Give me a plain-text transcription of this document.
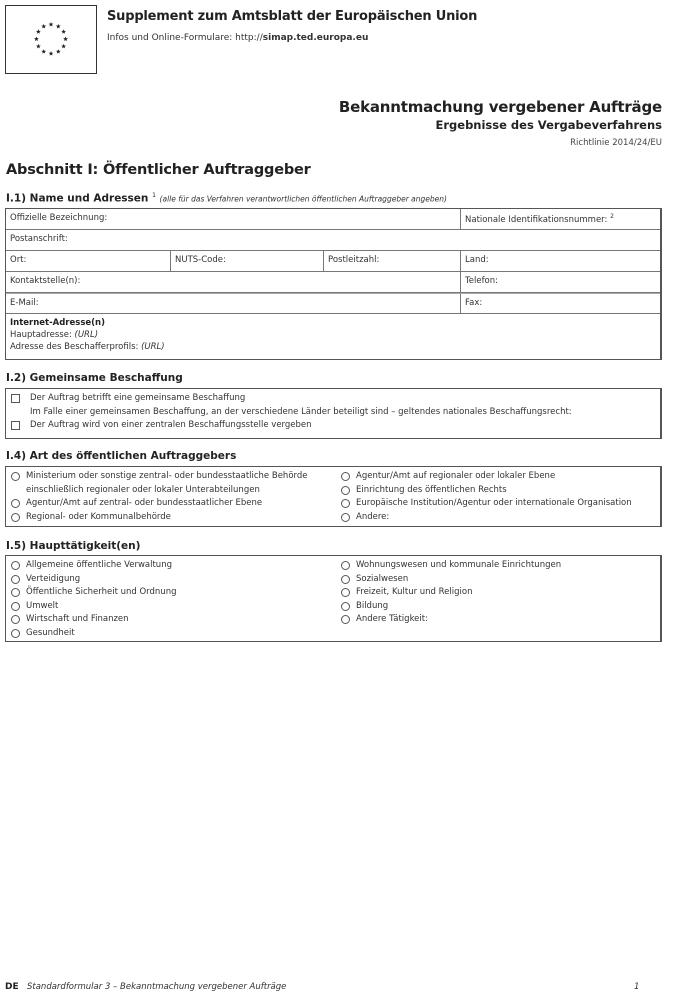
Supplement zum Amtsblatt der Europäischen Union
Infos und Online-Formulare: http://simap.ted.europa.eu
Bekanntmachung vergebener Aufträge
Ergebnisse des Vergabeverfahrens
Richtlinie 2014/24/EU
Abschnitt I: Öffentlicher Auftraggeber
I.1) Name und Adressen $^1$ (alle für das Verfahren verantwortlichen öffentlichen Auftraggeber angeben)
Offizielle Bezeichnung:	Nationale Identifikationsnummer: $^2$
Postanschrift:
Ort:	NUTS-Code:	Postleitzahl:	Land:
Kontaktstelle(n):	Telefon:
E-Mail:	Fax:
Internet-Adresse(n)
Hauptadresse: (URL)
Adresse des Beschafferprofils: (URL)
I.2) Gemeinsame Beschaffung
Der Auftrag betrifft eine gemeinsame Beschaffung
Im Falle einer gemeinsamen Beschaffung, an der verschiedene Länder beteiligt sind – geltendes nationales Beschaffungsrecht:
Der Auftrag wird von einer zentralen Beschaffungsstelle vergeben
I.4) Art des öffentlichen Auftraggebers
Ministerium oder sonstige zentral- oder bundesstaatliche Behörde
einschließlich regionaler oder lokaler Unterabteilungen
Agentur/Amt auf zentral- oder bundesstaatlicher Ebene
Regional- oder Kommunalbehörde
Agentur/Amt auf regionaler oder lokaler Ebene
Einrichtung des öffentlichen Rechts
Europäische Institution/Agentur oder internationale Organisation
Andere:
I.5) Haupttätigkeit(en)
Allgemeine öffentliche Verwaltung
Verteidigung
Öffentliche Sicherheit und Ordnung
Umwelt
Wirtschaft und Finanzen
Gesundheit
Wohnungswesen und kommunale Einrichtungen
Sozialwesen
Freizeit, Kultur und Religion
Bildung
Andere Tätigkeit:
DE Standardformular 3 – Bekanntmachung vergebener Aufträge	1
